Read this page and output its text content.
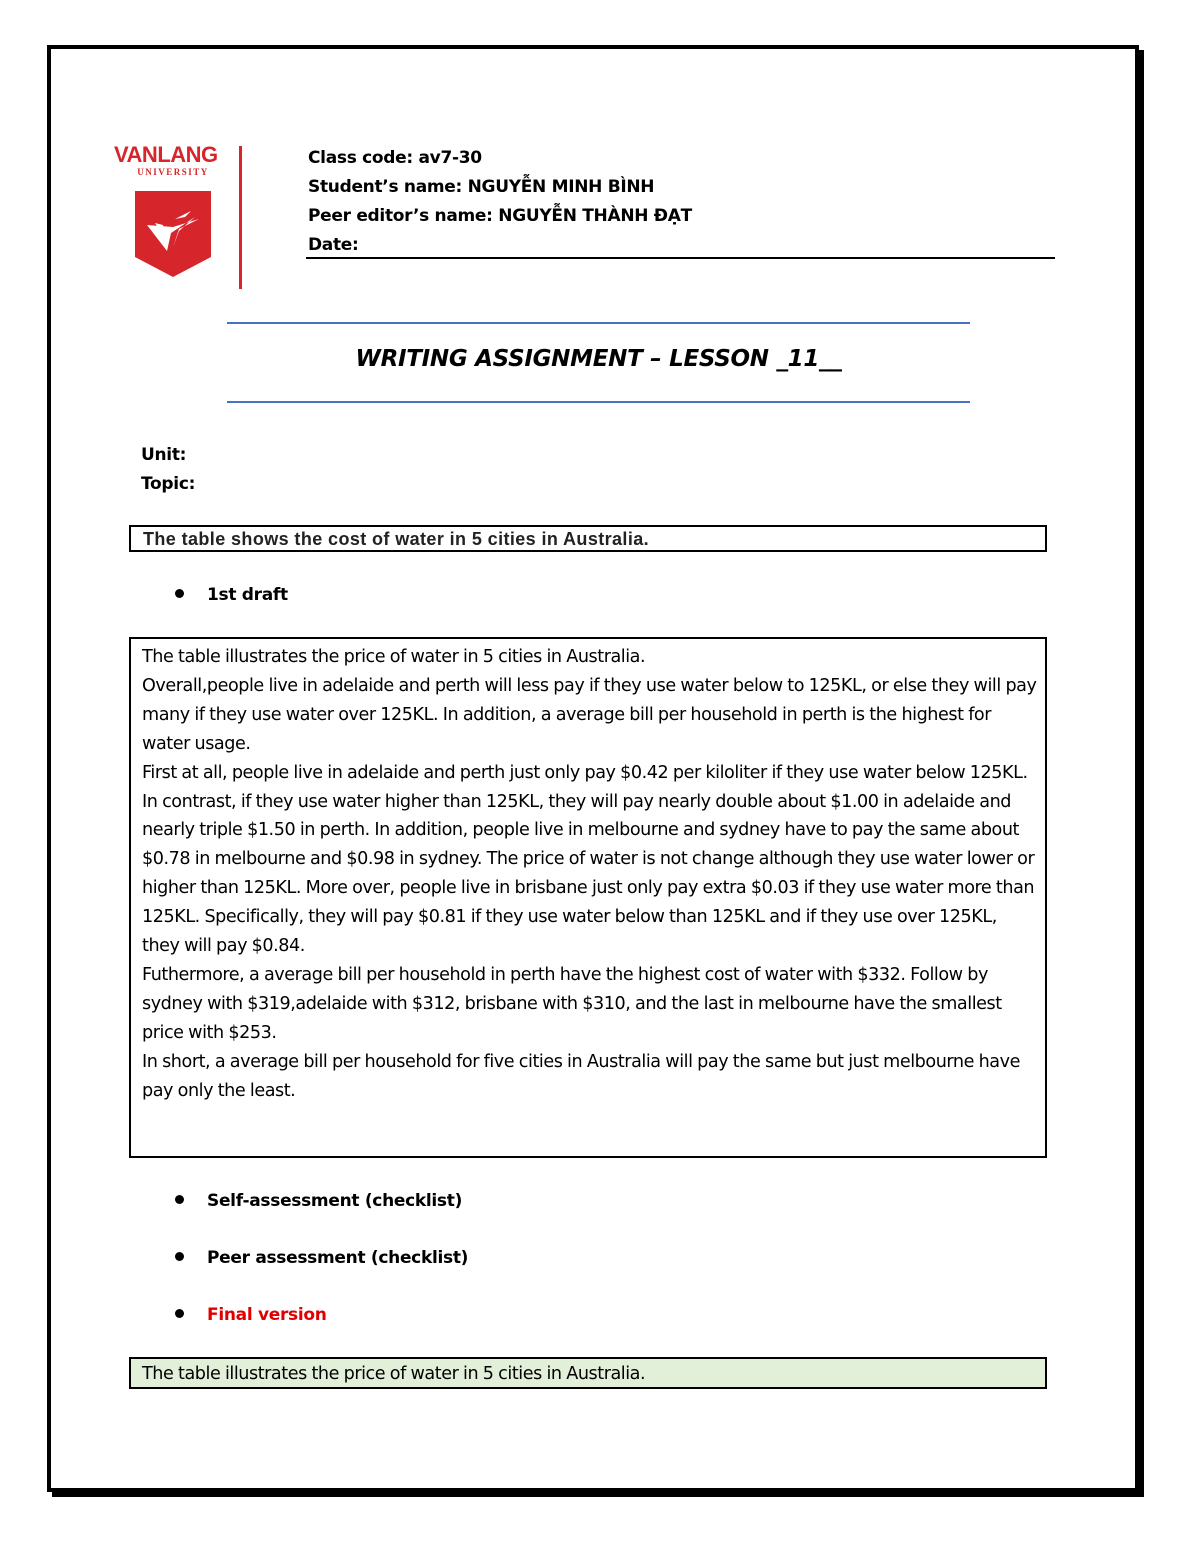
VANLANG
UNIVERSITY
Class code: av7-30
Student’s name: NGUYỄN MINH BÌNH
Peer editor’s name: NGUYỄN THÀNH ĐẠT
Date:
WRITING ASSIGNMENT – LESSON _11__
Unit:
Topic:
The table shows the cost of water in 5 cities in Australia.
1st draft

The table illustrates the price of water in 5 cities in Australia.

Overall,people live in adelaide and perth will less pay if they use water below to 125KL, or else they will pay many if they use water over 125KL. In addition, a average bill per household in perth is the highest for water usage.

First at all, people live in adelaide and perth just only pay $0.42 per kiloliter if they use water below 125KL. In contrast, if they use water higher than 125KL, they will pay nearly double about $1.00 in adelaide and nearly triple $1.50 in perth. In addition, people live in melbourne and sydney have to pay the same about $0.78 in melbourne and $0.98 in sydney. The price of water is not change although they use water lower or higher than 125KL. More over, people live in brisbane just only pay extra $0.03 if they use water more than 125KL. Specifically, they will pay $0.81 if they use water below than 125KL and if they use over 125KL, they will pay $0.84.

Futhermore, a average bill per household in perth have the highest cost of water with $332. Follow by sydney with $319,adelaide with $312, brisbane with $310, and the last in melbourne have the smallest price with $253.

In short, a average bill per household for five cities in Australia will pay the same but just melbourne have pay only the least.

Self-assessment (checklist)
Peer assessment (checklist)
Final version
The table illustrates the price of water in 5 cities in Australia.
